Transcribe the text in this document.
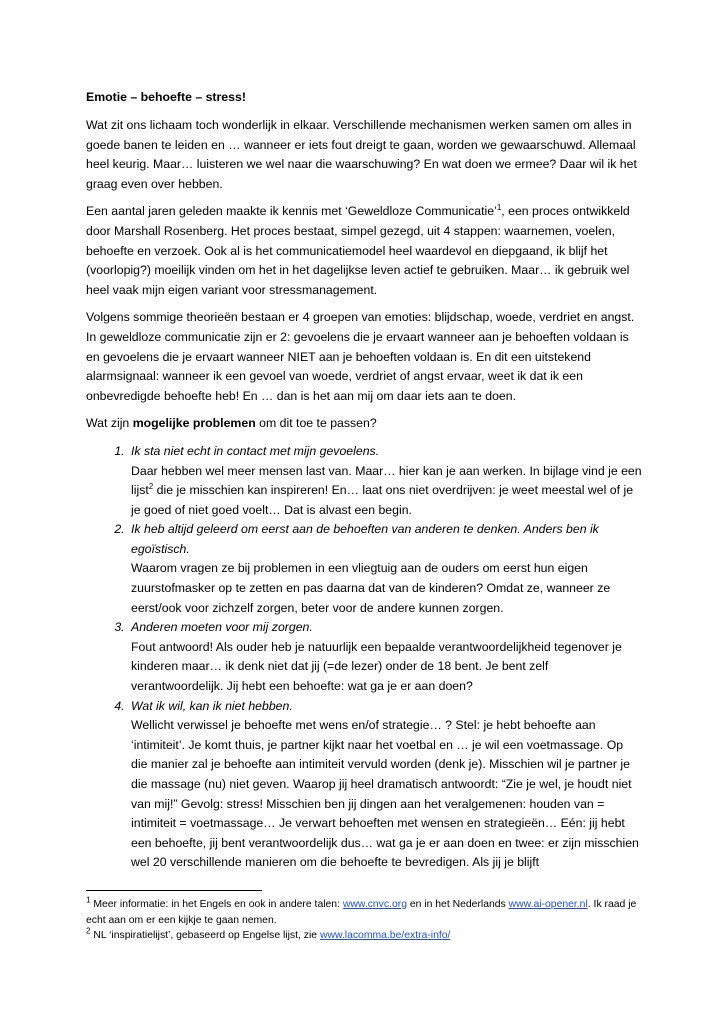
Emotie – behoefte – stress!

Wat zit ons lichaam toch wonderlijk in elkaar. Verschillende mechanismen werken samen om alles in goede banen te leiden en … wanneer er iets fout dreigt te gaan, worden we gewaarschuwd. Allemaal heel keurig. Maar… luisteren we wel naar die waarschuwing? En wat doen we ermee? Daar wil ik het graag even over hebben.

Een aantal jaren geleden maakte ik kennis met ‘Geweldloze Communicatie’$^1$, een proces ontwikkeld door Marshall Rosenberg. Het proces bestaat, simpel gezegd, uit 4 stappen: waarnemen, voelen, behoefte en verzoek. Ook al is het communicatiemodel heel waardevol en diepgaand, ik blijf het (voorlopig?) moeilijk vinden om het in het dagelijkse leven actief te gebruiken. Maar… ik gebruik wel heel vaak mijn eigen variant voor stressmanagement.

Volgens sommige theorieën bestaan er 4 groepen van emoties: blijdschap, woede, verdriet en angst. In geweldloze communicatie zijn er 2: gevoelens die je ervaart wanneer aan je behoeften voldaan is en gevoelens die je ervaart wanneer NIET aan je behoeften voldaan is. En dit een uitstekend alarmsignaal: wanneer ik een gevoel van woede, verdriet of angst ervaar, weet ik dat ik een onbevredigde behoefte heb! En … dan is het aan mij om daar iets aan te doen.

Wat zijn mogelijke problemen om dit toe te passen?

1. Ik sta niet echt in contact met mijn gevoelens.
Daar hebben wel meer mensen last van. Maar… hier kan je aan werken. In bijlage vind je een lijst$^2$ die je misschien kan inspireren! En… laat ons niet overdrijven: je weet meestal wel of je je goed of niet goed voelt… Dat is alvast een begin.
2. Ik heb altijd geleerd om eerst aan de behoeften van anderen te denken. Anders ben ik egoïstisch.
Waarom vragen ze bij problemen in een vliegtuig aan de ouders om eerst hun eigen zuurstofmasker op te zetten en pas daarna dat van de kinderen? Omdat ze, wanneer ze eerst/ook voor zichzelf zorgen, beter voor de andere kunnen zorgen.
3. Anderen moeten voor mij zorgen.
Fout antwoord! Als ouder heb je natuurlijk een bepaalde verantwoordelijkheid tegenover je kinderen maar… ik denk niet dat jij (=de lezer) onder de 18 bent. Je bent zelf verantwoordelijk. Jij hebt een behoefte: wat ga je er aan doen?
4. Wat ik wil, kan ik niet hebben.
Wellicht verwissel je behoefte met wens en/of strategie… ? Stel: je hebt behoefte aan ‘intimiteit’. Je komt thuis, je partner kijkt naar het voetbal en … je wil een voetmassage. Op die manier zal je behoefte aan intimiteit vervuld worden (denk je). Misschien wil je partner je die massage (nu) niet geven. Waarop jij heel dramatisch antwoordt: “Zie je wel, je houdt niet van mij!” Gevolg: stress! Misschien ben jij dingen aan het veralgemenen: houden van = intimiteit = voetmassage… Je verwart behoeften met wensen en strategieën… Eén: jij hebt een behoefte, jij bent verantwoordelijk dus… wat ga je er aan doen en twee: er zijn misschien wel 20 verschillende manieren om die behoefte te bevredigen. Als jij je blijft

$^1$ Meer informatie: in het Engels en ook in andere talen: www.cnvc.org en in het Nederlands www.ai-opener.nl. Ik raad je echt aan om er een kijkje te gaan nemen.

$^2$ NL ‘inspiratielijst’, gebaseerd op Engelse lijst, zie www.lacomma.be/extra-info/
